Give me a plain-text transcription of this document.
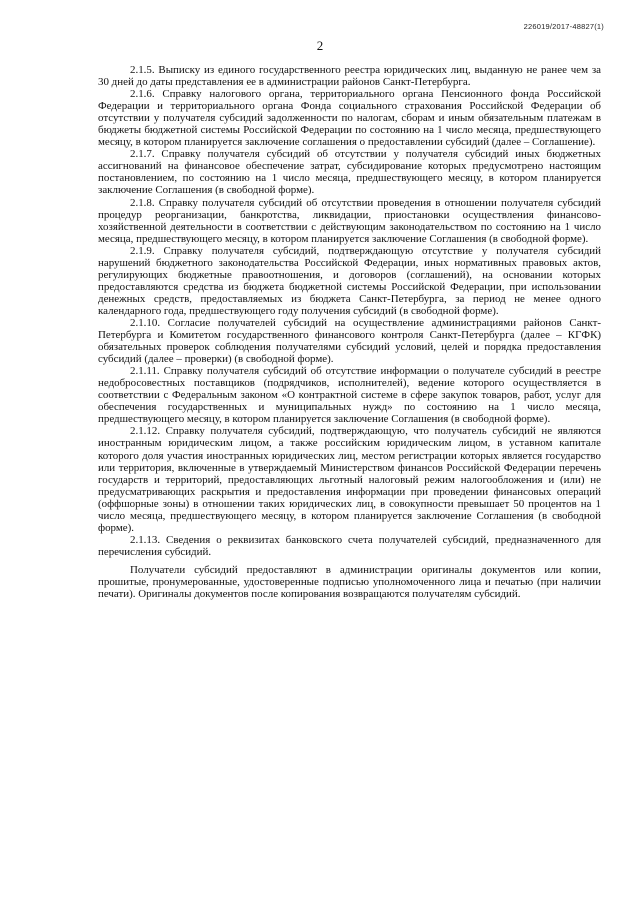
226019/2017-48827(1)
2

2.1.5. Выписку из единого государственного реестра юридических лиц, выданную не ранее чем за 30 дней до даты представления ее в администрации районов Санкт-Петербурга.

2.1.6. Справку налогового органа, территориального органа Пенсионного фонда Российской Федерации и территориального органа Фонда социального страхования Российской Федерации об отсутствии у получателя субсидий задолженности по налогам, сборам и иным обязательным платежам в бюджеты бюджетной системы Российской Федерации по состоянию на 1 число месяца, предшествующего месяцу, в котором планируется заключение соглашения о предоставлении субсидий (далее – Соглашение).

2.1.7. Справку получателя субсидий об отсутствии у получателя субсидий иных бюджетных ассигнований на финансовое обеспечение затрат, субсидирование которых предусмотрено настоящим постановлением, по состоянию на 1 число месяца, предшествующего месяцу, в котором планируется заключение Соглашения (в свободной форме).

2.1.8. Справку получателя субсидий об отсутствии проведения в отношении получателя субсидий процедур реорганизации, банкротства, ликвидации, приостановки осуществления финансово-хозяйственной деятельности в соответствии с действующим законодательством по состоянию на 1 число месяца, предшествующего месяцу, в котором планируется заключение Соглашения (в свободной форме).

2.1.9. Справку получателя субсидий, подтверждающую отсутствие у получателя субсидий нарушений бюджетного законодательства Российской Федерации, иных нормативных правовых актов, регулирующих бюджетные правоотношения, и договоров (соглашений), на основании которых предоставляются средства из бюджета бюджетной системы Российской Федерации, при использовании денежных средств, предоставляемых из бюджета Санкт-Петербурга, за период не менее одного календарного года, предшествующего году получения субсидий (в свободной форме).

2.1.10. Согласие получателей субсидий на осуществление администрациями районов Санкт-Петербурга и Комитетом государственного финансового контроля Санкт-Петербурга (далее – КГФК) обязательных проверок соблюдения получателями субсидий условий, целей и порядка предоставления субсидий (далее – проверки) (в свободной форме).

2.1.11. Справку получателя субсидий об отсутствие информации о получателе субсидий в реестре недобросовестных поставщиков (подрядчиков, исполнителей), ведение которого осуществляется в соответствии с Федеральным законом «О контрактной системе в сфере закупок товаров, работ, услуг для обеспечения государственных и муниципальных нужд» по состоянию на 1 число месяца, предшествующего месяцу, в котором планируется заключение Соглашения (в свободной форме).

2.1.12. Справку получателя субсидий, подтверждающую, что получатель субсидий не являются иностранным юридическим лицом, а также российским юридическим лицом, в уставном капитале которого доля участия иностранных юридических лиц, местом регистрации которых является государство или территория, включенные в утверждаемый Министерством финансов Российской Федерации перечень государств и территорий, предоставляющих льготный налоговый режим налогообложения и (или) не предусматривающих раскрытия и предоставления информации при проведении финансовых операций (оффшорные зоны) в отношении таких юридических лиц, в совокупности превышает 50 процентов на 1 число месяца, предшествующего месяцу, в котором планируется заключение Соглашения (в свободной форме).

2.1.13. Сведения о реквизитах банковского счета получателей субсидий, предназначенного для перечисления субсидий.

Получатели субсидий предоставляют в администрации оригиналы документов или копии, прошитые, пронумерованные, удостоверенные подписью уполномоченного лица и печатью (при наличии печати). Оригиналы документов после копирования возвращаются получателям субсидий.
